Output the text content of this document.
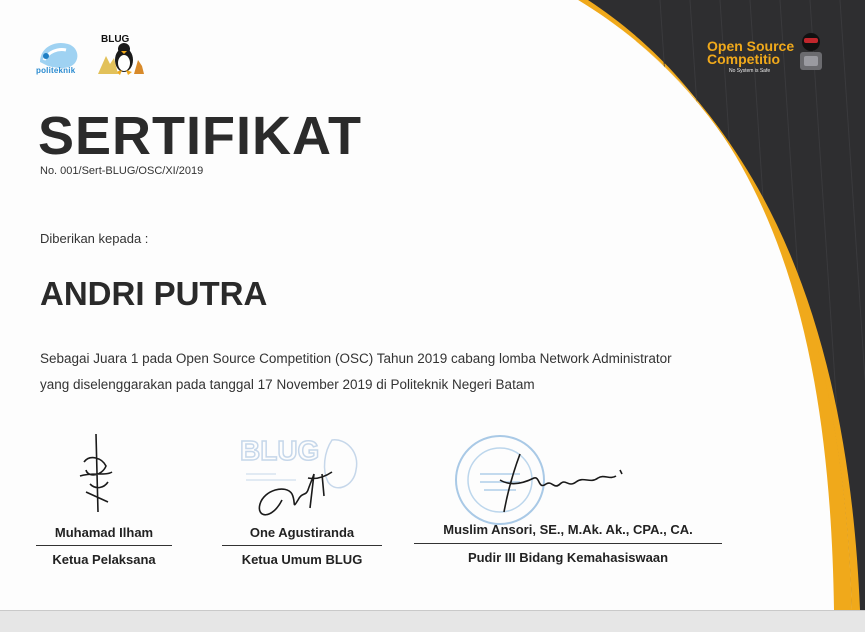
politeknik
BLUG	Open Source
Competitio
No System is Safe
SERTIFIKAT
No. 001/Sert-BLUG/OSC/XI/2019
Diberikan kepada :
ANDRI PUTRA
Sebagai Juara 1 pada Open Source Competition (OSC) Tahun 2019 cabang lomba Network Administrator
yang diselenggarakan pada tanggal 17 November 2019 di Politeknik Negeri Batam
Muhamad Ilham
Ketua Pelaksana
BLUG
One Agustiranda
Ketua Umum BLUG
Muslim Ansori, SE., M.Ak. Ak., CPA., CA.
Pudir III Bidang Kemahasiswaan
